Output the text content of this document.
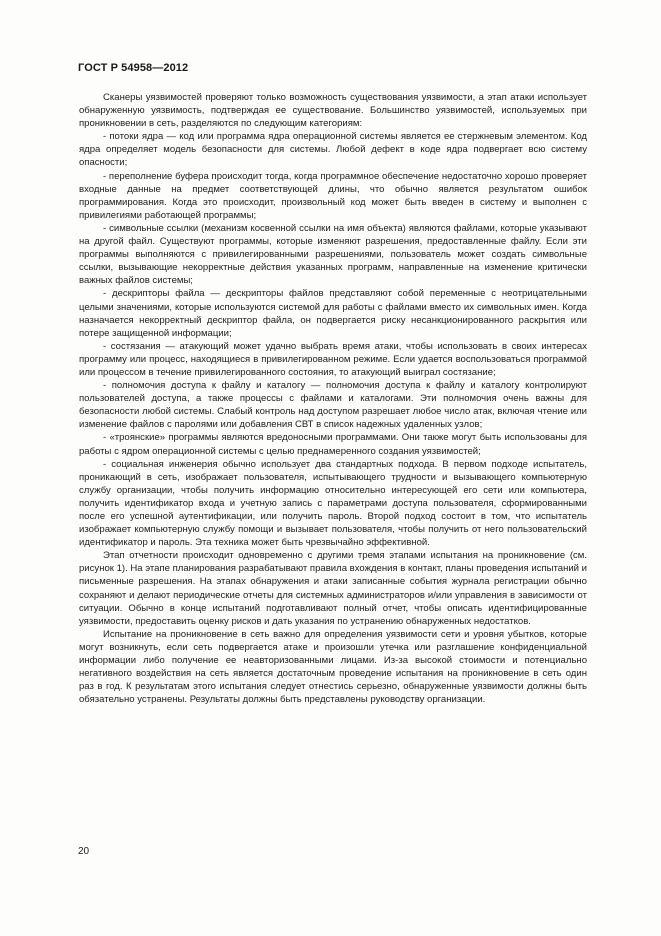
ГОСТ Р 54958—2012

Сканеры уязвимостей проверяют только возможность существования уязвимости, а этап атаки использует обнаруженную уязвимость, подтверждая ее существование. Большинство уязвимостей, используемых при проникновении в сеть, разделяются по следующим категориям:

- потоки ядра — код или программа ядра операционной системы является ее стержневым элементом. Код ядра определяет модель безопасности для системы. Любой дефект в коде ядра подвергает всю систему опасности;

- переполнение буфера происходит тогда, когда программное обеспечение недостаточно хорошо проверяет входные данные на предмет соответствующей длины, что обычно является результатом ошибок программирования. Когда это происходит, произвольный код может быть введен в систему и выполнен с привилегиями работающей программы;

- символьные ссылки (механизм косвенной ссылки на имя объекта) являются файлами, которые указывают на другой файл. Существуют программы, которые изменяют разрешения, предоставленные файлу. Если эти программы выполняются с привилегированными разрешениями, пользователь может создать символьные ссылки, вызывающие некорректные действия указанных программ, направленные на изменение критически важных файлов системы;

- дескрипторы файла — дескрипторы файлов представляют собой переменные с неотрицательными целыми значениями, которые используются системой для работы с файлами вместо их символьных имен. Когда назначается некорректный дескриптор файла, он подвергается риску несанкционированного раскрытия или потере защищенной информации;

- состязания — атакующий может удачно выбрать время атаки, чтобы использовать в своих интересах программу или процесс, находящиеся в привилегированном режиме. Если удается воспользоваться программой или процессом в течение привилегированного состояния, то атакующий выиграл состязание;

- полномочия доступа к файлу и каталогу — полномочия доступа к файлу и каталогу контролируют пользователей доступа, а также процессы с файлами и каталогами. Эти полномочия очень важны для безопасности любой системы. Слабый контроль над доступом разрешает любое число атак, включая чтение или изменение файлов с паролями или добавления СВТ в список надежных удаленных узлов;

- «троянские» программы являются вредоносными программами. Они также могут быть использованы для работы с ядром операционной системы с целью преднамеренного создания уязвимостей;

- социальная инженерия обычно использует два стандартных подхода. В первом подходе испытатель, проникающий в сеть, изображает пользователя, испытывающего трудности и вызывающего компьютерную службу организации, чтобы получить информацию относительно интересующей его сети или компьютера, получить идентификатор входа и учетную запись с параметрами доступа пользователя, сформированными после его успешной аутентификации, или получить пароль. Второй подход состоит в том, что испытатель изображает компьютерную службу помощи и вызывает пользователя, чтобы получить от него пользовательский идентификатор и пароль. Эта техника может быть чрезвычайно эффективной.

Этап отчетности происходит одновременно с другими тремя этапами испытания на проникновение (см. рисунок 1). На этапе планирования разрабатывают правила вхождения в контакт, планы проведения испытаний и письменные разрешения. На этапах обнаружения и атаки записанные события журнала регистрации обычно сохраняют и делают периодические отчеты для системных администраторов и/или управления в зависимости от ситуации. Обычно в конце испытаний подготавливают полный отчет, чтобы описать идентифицированные уязвимости, предоставить оценку рисков и дать указания по устранению обнаруженных недостатков.

Испытание на проникновение в сеть важно для определения уязвимости сети и уровня убытков, которые могут возникнуть, если сеть подвергается атаке и произошли утечка или разглашение конфиденциальной информации либо получение ее неавторизованными лицами. Из-за высокой стоимости и потенциально негативного воздействия на сеть является достаточным проведение испытания на проникновение в сеть один раз в год. К результатам этого испытания следует отнестись серьезно, обнаруженные уязвимости должны быть обязательно устранены. Результаты должны быть представлены руководству организации.

20
